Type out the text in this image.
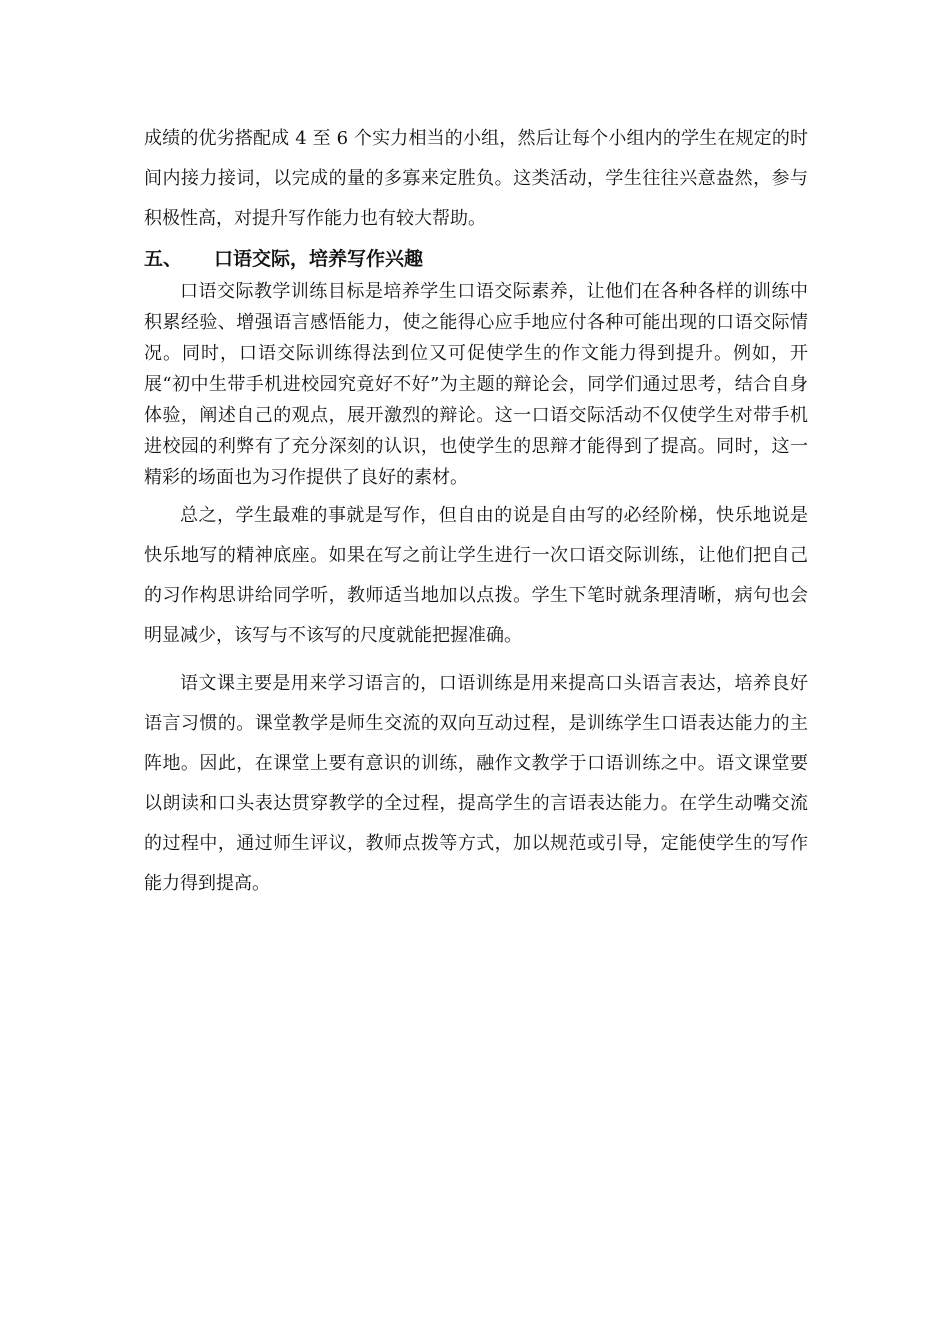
成绩的优劣搭配成 4 至 6 个实力相当的小组，然后让每个小组内的学生在规定的时间内接力接词，以完成的量的多寡来定胜负。这类活动，学生往往兴意盎然，参与积极性高，对提升写作能力也有较大帮助。

五、 口语交际，培养写作兴趣

口语交际教学训练目标是培养学生口语交际素养，让他们在各种各样的训练中积累经验、增强语言感悟能力，使之能得心应手地应付各种可能出现的口语交际情况。同时，口语交际训练得法到位又可促使学生的作文能力得到提升。例如，开展“初中生带手机进校园究竟好不好”为主题的辩论会，同学们通过思考，结合自身体验，阐述自己的观点，展开激烈的辩论。这一口语交际活动不仅使学生对带手机进校园的利弊有了充分深刻的认识，也使学生的思辩才能得到了提高。同时，这一精彩的场面也为习作提供了良好的素材。

总之，学生最难的事就是写作，但自由的说是自由写的必经阶梯，快乐地说是快乐地写的精神底座。如果在写之前让学生进行一次口语交际训练，让他们把自己的习作构思讲给同学听，教师适当地加以点拨。学生下笔时就条理清晰，病句也会明显减少，该写与不该写的尺度就能把握准确。

语文课主要是用来学习语言的，口语训练是用来提高口头语言表达，培养良好语言习惯的。课堂教学是师生交流的双向互动过程，是训练学生口语表达能力的主阵地。因此，在课堂上要有意识的训练，融作文教学于口语训练之中。语文课堂要以朗读和口头表达贯穿教学的全过程，提高学生的言语表达能力。在学生动嘴交流的过程中，通过师生评议，教师点拨等方式，加以规范或引导，定能使学生的写作能力得到提高。
